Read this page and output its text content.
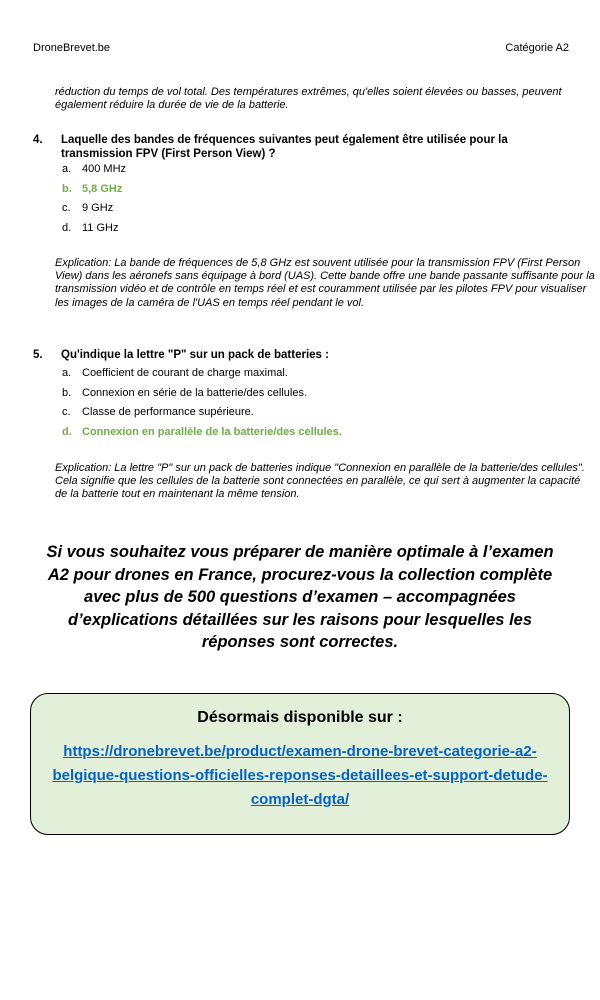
DroneBrevet.be	Catégorie A2

réduction du temps de vol total. Des températures extrêmes, qu'elles soient élevées ou basses, peuvent également réduire la durée de vie de la batterie.

4. Laquelle des bandes de fréquences suivantes peut également être utilisée pour la transmission FPV (First Person View) ?
a. 400 MHz
b. 5,8 GHz
c. 9 GHz
d. 11 GHz

Explication: La bande de fréquences de 5,8 GHz est souvent utilisée pour la transmission FPV (First Person View) dans les aéronefs sans équipage à bord (UAS). Cette bande offre une bande passante suffisante pour la transmission vidéo et de contrôle en temps réel et est couramment utilisée par les pilotes FPV pour visualiser les images de la caméra de l'UAS en temps réel pendant le vol.

5. Qu'indique la lettre "P" sur un pack de batteries :
a. Coefficient de courant de charge maximal.
b. Connexion en série de la batterie/des cellules.
c. Classe de performance supérieure.
d. Connexion en parallèle de la batterie/des cellules.

Explication: La lettre "P" sur un pack de batteries indique "Connexion en parallèle de la batterie/des cellules". Cela signifie que les cellules de la batterie sont connectées en parallèle, ce qui sert à augmenter la capacité de la batterie tout en maintenant la même tension.

Si vous souhaitez vous préparer de manière optimale à l’examen A2 pour drones en France, procurez-vous la collection complète avec plus de 500 questions d’examen – accompagnées d’explications détaillées sur les raisons pour lesquelles les réponses sont correctes.

Désormais disponible sur :
https://dronebrevet.be/product/examen-drone-brevet-categorie-a2-belgique-questions-officielles-reponses-detaillees-et-support-detude-complet-dgta/
